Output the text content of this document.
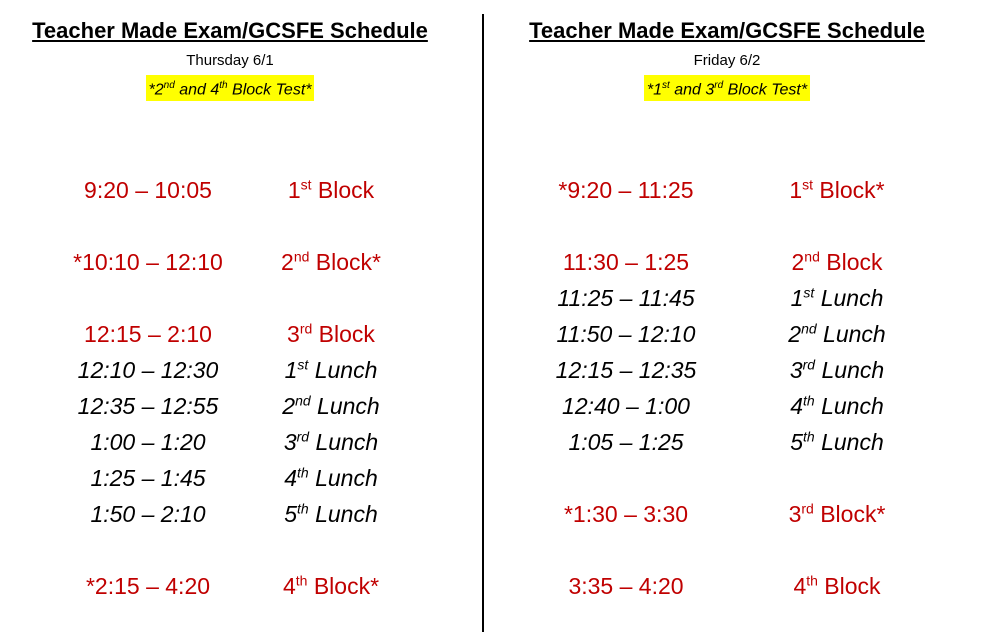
Teacher Made Exam/GCSFE Schedule
Thursday 6/1
*2nd and 4th Block Test*
9:20 – 10:05	1st Block
*10:10 – 12:10	2nd Block*
12:15 – 2:10	3rd Block
12:10 – 12:30	1st Lunch
12:35 – 12:55	2nd Lunch
1:00 – 1:20	3rd Lunch
1:25 – 1:45	4th Lunch
1:50 – 2:10	5th Lunch
*2:15 – 4:20	4th Block*
Teacher Made Exam/GCSFE Schedule
Friday 6/2
*1st and 3rd Block Test*
*9:20 – 11:25	1st Block*
11:30 – 1:25	2nd Block
11:25 – 11:45	1st Lunch
11:50 – 12:10	2nd Lunch
12:15 – 12:35	3rd Lunch
12:40 – 1:00	4th Lunch
1:05 – 1:25	5th Lunch
*1:30 – 3:30	3rd Block*
3:35 – 4:20	4th Block
